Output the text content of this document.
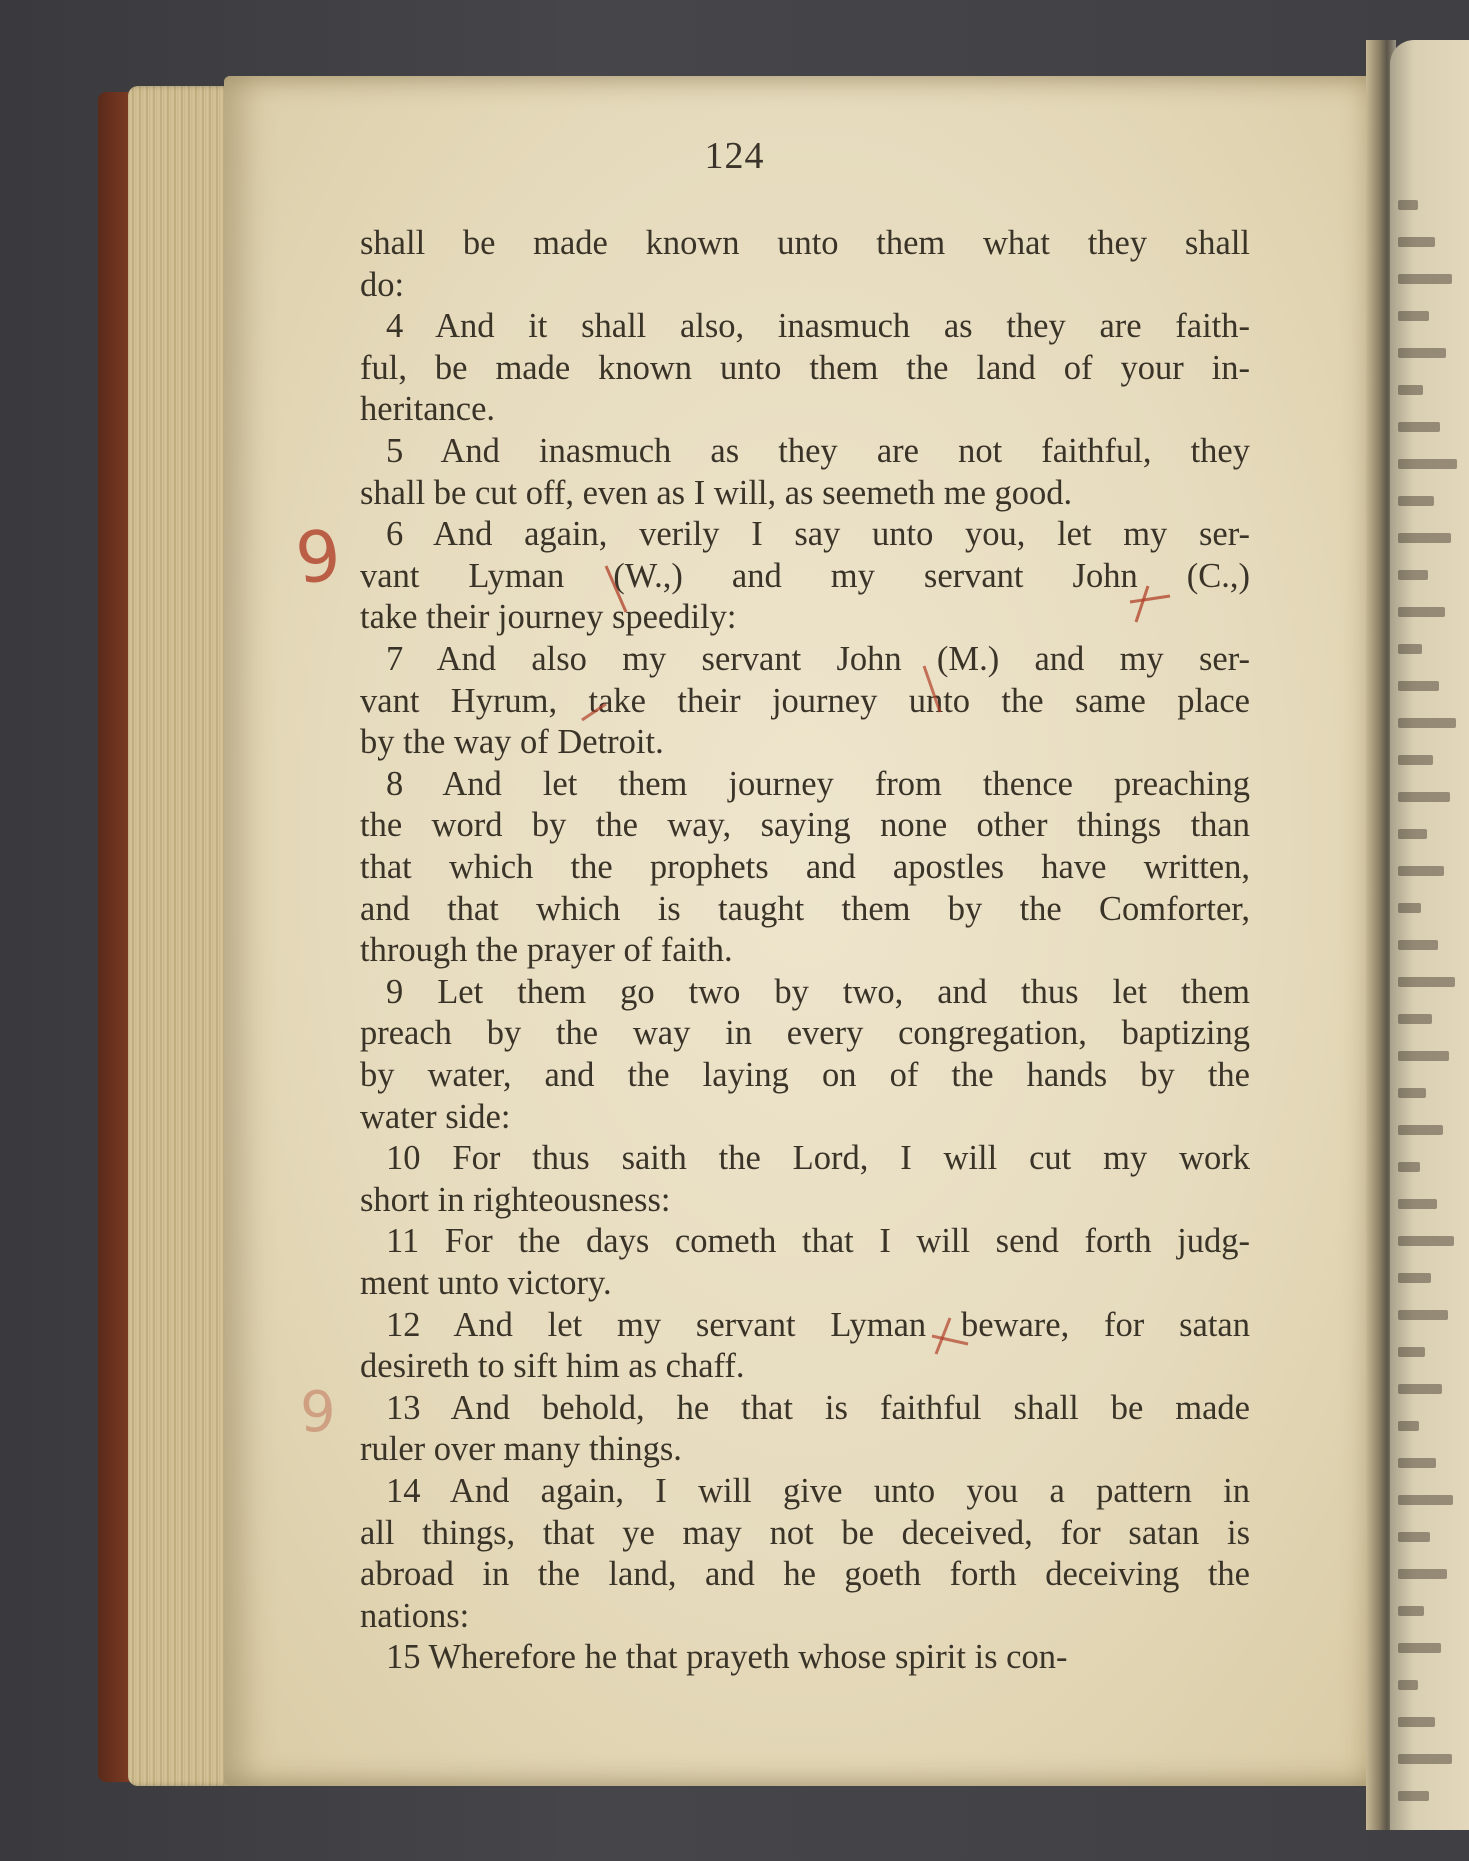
124
shall be made known unto them what they shall
do:
4 And it shall also, inasmuch as they are faith-
ful, be made known unto them the land of your in-
heritance.
5 And inasmuch as they are not faithful, they
shall be cut off, even as I will, as seemeth me good.
6 And again, verily I say unto you, let my ser-
vant Lyman (W.,) and my servant John (C.,)
take their journey speedily:
7 And also my servant John (M.) and my ser-
vant Hyrum, take their journey unto the same place
by the way of Detroit.
8 And let them journey from thence preaching
the word by the way, saying none other things than
that which the prophets and apostles have written,
and that which is taught them by the Comforter,
through the prayer of faith.
9 Let them go two by two, and thus let them
preach by the way in every congregation, baptizing
by water, and the laying on of the hands by the
water side:
10 For thus saith the Lord, I will cut my work
short in righteousness:
11 For the days cometh that I will send forth judg-
ment unto victory.
12 And let my servant Lyman beware, for satan
desireth to sift him as chaff.
13 And behold, he that is faithful shall be made
ruler over many things.
14 And again, I will give unto you a pattern in
all things, that ye may not be deceived, for satan is
abroad in the land, and he goeth forth deceiving the
nations:
15 Wherefore he that prayeth whose spirit is con-
9
9
